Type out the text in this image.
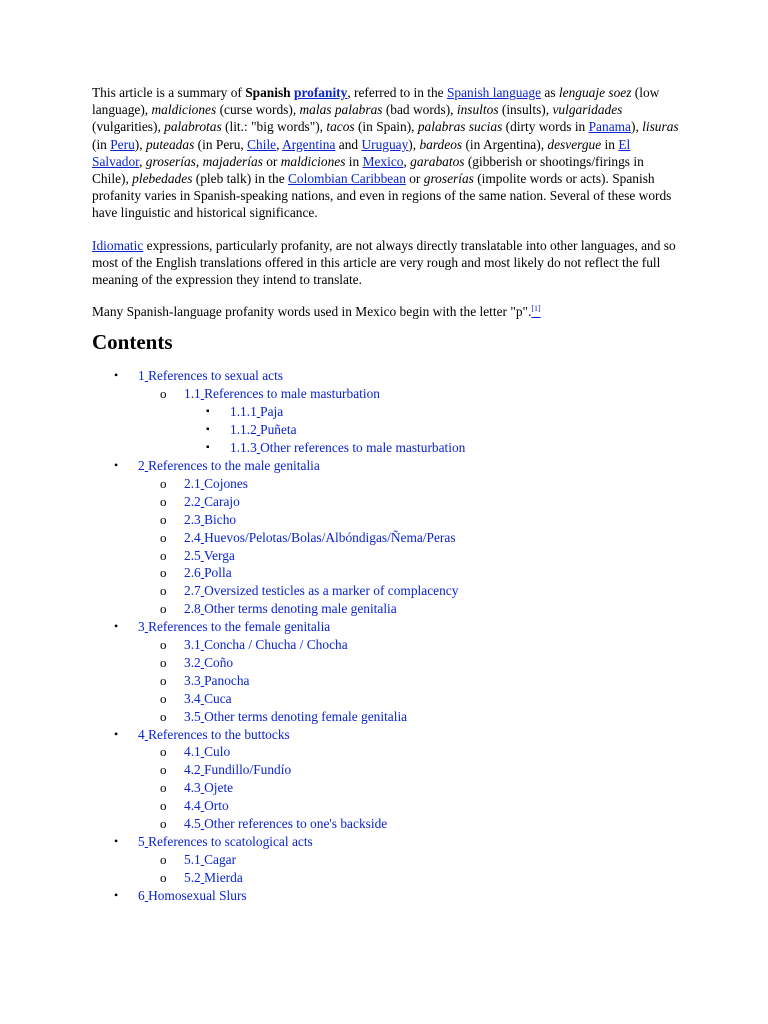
This article is a summary of Spanish profanity, referred to in the Spanish language as lenguaje soez (low language), maldiciones (curse words), malas palabras (bad words), insultos (insults), vulgaridades (vulgarities), palabrotas (lit.: "big words"), tacos (in Spain), palabras sucias (dirty words in Panama), lisuras (in Peru), puteadas (in Peru, Chile, Argentina and Uruguay), bardeos (in Argentina), desvergue in El Salvador, groserías, majaderías or maldiciones in Mexico, garabatos (gibberish or shootings/firings in Chile), plebedades (pleb talk) in the Colombian Caribbean or groserías (impolite words or acts). Spanish profanity varies in Spanish-speaking nations, and even in regions of the same nation. Several of these words have linguistic and historical significance.

Idiomatic expressions, particularly profanity, are not always directly translatable into other languages, and so most of the English translations offered in this article are very rough and most likely do not reflect the full meaning of the expression they intend to translate.

Many Spanish-language profanity words used in Mexico begin with the letter "p".[1]

Contents
• 1 References to sexual acts
o 1.1 References to male masturbation
▪ 1.1.1 Paja
▪ 1.1.2 Puñeta
▪ 1.1.3 Other references to male masturbation
• 2 References to the male genitalia
o 2.1 Cojones
o 2.2 Carajo
o 2.3 Bicho
o 2.4 Huevos/Pelotas/Bolas/Albóndigas/Ñema/Peras
o 2.5 Verga
o 2.6 Polla
o 2.7 Oversized testicles as a marker of complacency
o 2.8 Other terms denoting male genitalia
• 3 References to the female genitalia
o 3.1 Concha / Chucha / Chocha
o 3.2 Coño
o 3.3 Panocha
o 3.4 Cuca
o 3.5 Other terms denoting female genitalia
• 4 References to the buttocks
o 4.1 Culo
o 4.2 Fundillo/Fundío
o 4.3 Ojete
o 4.4 Orto
o 4.5 Other references to one's backside
• 5 References to scatological acts
o 5.1 Cagar
o 5.2 Mierda
• 6 Homosexual Slurs
